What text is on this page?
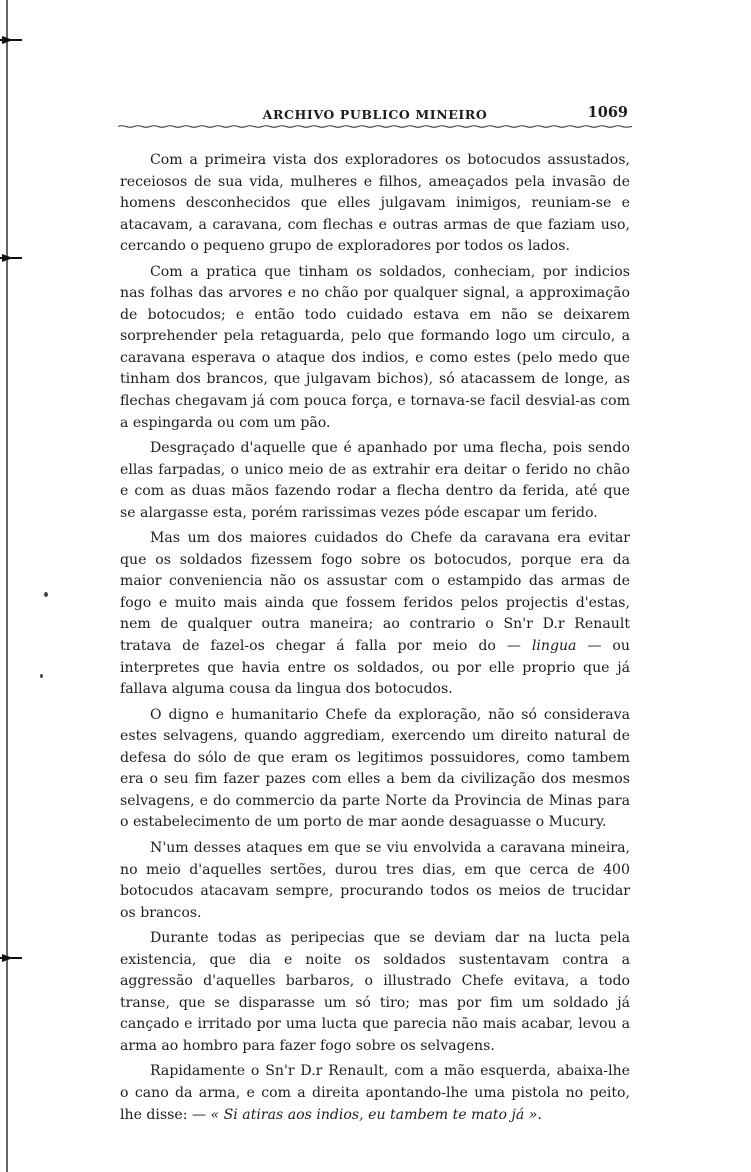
ARCHIVO PUBLICO MINEIRO	1069

Com a primeira vista dos exploradores os botocudos assustados, receiosos de sua vida, mulheres e filhos, ameaçados pela invasão de homens desconhecidos que elles julgavam inimigos, reuniam-se e atacavam, a caravana, com flechas e outras armas de que faziam uso, cercando o pequeno grupo de exploradores por todos os lados.

Com a pratica que tinham os soldados, conheciam, por indicios nas folhas das arvores e no chão por qualquer signal, a approximação de botocudos; e então todo cuidado estava em não se deixarem sorprehender pela retaguarda, pelo que formando logo um circulo, a caravana esperava o ataque dos indios, e como estes (pelo medo que tinham dos brancos, que julgavam bichos), só atacassem de longe, as flechas chegavam já com pouca força, e tornava-se facil desvial-as com a espingarda ou com um pão.

Desgraçado d'aquelle que é apanhado por uma flecha, pois sendo ellas farpadas, o unico meio de as extrahir era deitar o ferido no chão e com as duas mãos fazendo rodar a flecha dentro da ferida, até que se alargasse esta, porém rarissimas vezes póde escapar um ferido.

Mas um dos maiores cuidados do Chefe da caravana era evitar que os soldados fizessem fogo sobre os botocudos, porque era da maior conveniencia não os assustar com o estampido das armas de fogo e muito mais ainda que fossem feridos pelos projectis d'estas, nem de qualquer outra maneira; ao contrario o Sn'r D.r Renault tratava de fazel-os chegar á falla por meio do — lingua — ou interpretes que havia entre os soldados, ou por elle proprio que já fallava alguma cousa da lingua dos botocudos.

O digno e humanitario Chefe da exploração, não só considerava estes selvagens, quando aggrediam, exercendo um direito natural de defesa do sólo de que eram os legitimos possuidores, como tambem era o seu fim fazer pazes com elles a bem da civilização dos mesmos selvagens, e do commercio da parte Norte da Provincia de Minas para o estabelecimento de um porto de mar aonde desaguasse o Mucury.

N'um desses ataques em que se viu envolvida a caravana mineira, no meio d'aquelles sertões, durou tres dias, em que cerca de 400 botocudos atacavam sempre, procurando todos os meios de trucidar os brancos.

Durante todas as peripecias que se deviam dar na lucta pela existencia, que dia e noite os soldados sustentavam contra a aggressão d'aquelles barbaros, o illustrado Chefe evitava, a todo transe, que se disparasse um só tiro; mas por fim um soldado já cançado e irritado por uma lucta que parecia não mais acabar, levou a arma ao hombro para fazer fogo sobre os selvagens.

Rapidamente o Sn'r D.r Renault, com a mão esquerda, abaixa-lhe o cano da arma, e com a direita apontando-lhe uma pistola no peito, lhe disse: — « Si atiras aos indios, eu tambem te mato já ».
